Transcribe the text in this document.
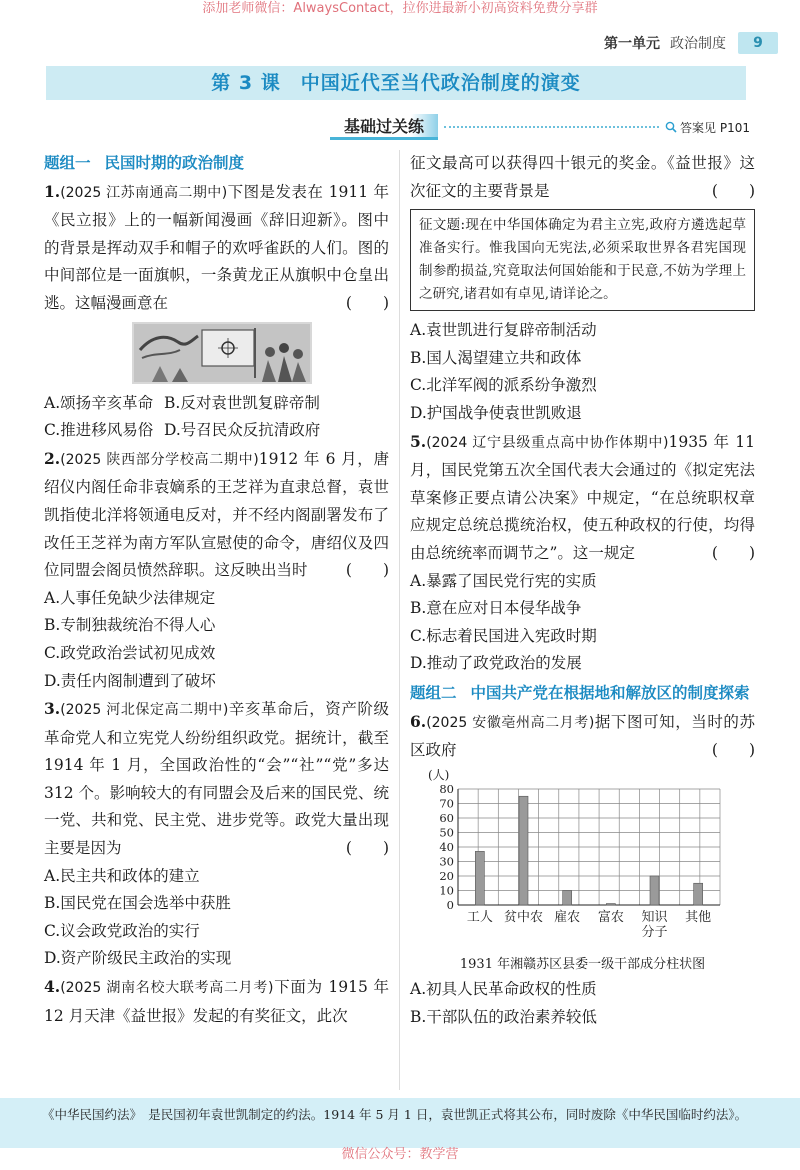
添加老师微信：AlwaysContact，拉你进最新小初高资料免费分享群
第一单元 政治制度	9
第 3 课　中国近代至当代政治制度的演变
基础过关练	答案见 P101
题组一 民国时期的政治制度
1.(2025 江苏南通高二期中)下图是发表在 1911 年《民立报》上的一幅新闻漫画《辞旧迎新》。图中的背景是挥动双手和帽子的欢呼雀跃的人们。图的中间部位是一面旗帜，一条黄龙正从旗帜中仓皇出逃。这幅漫画意在	(　　)
A.颂扬辛亥革命 B.反对袁世凯复辟帝制
C.推进移风易俗 D.号召民众反抗清政府
2.(2025 陕西部分学校高二期中)1912 年 6 月，唐绍仪内阁任命非袁嫡系的王芝祥为直隶总督，袁世凯指使北洋将领通电反对，并不经内阁副署发布了改任王芝祥为南方军队宣慰使的命令，唐绍仪及四位同盟会阁员愤然辞职。这反映出当时 (　　)
A.人事任免缺少法律规定
B.专制独裁统治不得人心
C.政党政治尝试初见成效
D.责任内阁制遭到了破坏
3.(2025 河北保定高二期中)辛亥革命后，资产阶级革命党人和立宪党人纷纷组织政党。据统计，截至 1914 年 1 月，全国政治性的“会”“社”“党”多达 312 个。影响较大的有同盟会及后来的国民党、统一党、共和党、民主党、进步党等。政党大量出现主要是因为	(　　)
A.民主共和政体的建立
B.国民党在国会选举中获胜
C.议会政党政治的实行
D.资产阶级民主政治的实现
4.(2025 湖南名校大联考高二月考)下面为 1915 年 12 月天津《益世报》发起的有奖征文，此次
征文最高可以获得四十银元的奖金。《益世报》这次征文的主要背景是	(　　)
征文题:现在中华国体确定为君主立宪,政府方遴选起草准备实行。惟我国向无宪法,必须采取世界各君宪国现制参酌损益,究竟取法何国始能和于民意,不妨为学理上之研究,诸君如有卓见,请详论之。
A.袁世凯进行复辟帝制活动
B.国人渴望建立共和政体
C.北洋军阀的派系纷争激烈
D.护国战争使袁世凯败退
5.(2024 辽宁县级重点高中协作体期中)1935 年 11 月，国民党第五次全国代表大会通过的《拟定宪法草案修正要点请公决案》中规定，“在总统职权章应规定总统总揽统治权，使五种政权的行使，均得由总统统率而调节之”。这一规定	(　　)
A.暴露了国民党行宪的实质
B.意在应对日本侵华战争
C.标志着民国进入宪政时期
D.推动了政党政治的发展
题组二 中国共产党在根据地和解放区的制度探索
6.(2025 安徽亳州高二月考)据下图可知，当时的苏区政府	(　　)
(人)
0
10
20
30
40
50
60
70
80
工人 贫中农 雇农 富农 知识
分子
其他
1931 年湘赣苏区县委一级干部成分柱状图
A.初具人民革命政权的性质
B.干部队伍的政治素养较低
《中华民国约法》　是民国初年袁世凯制定的约法。1914 年 5 月 1 日，袁世凯正式将其公布，同时废除《中华民国临时约法》。
微信公众号：教学营
